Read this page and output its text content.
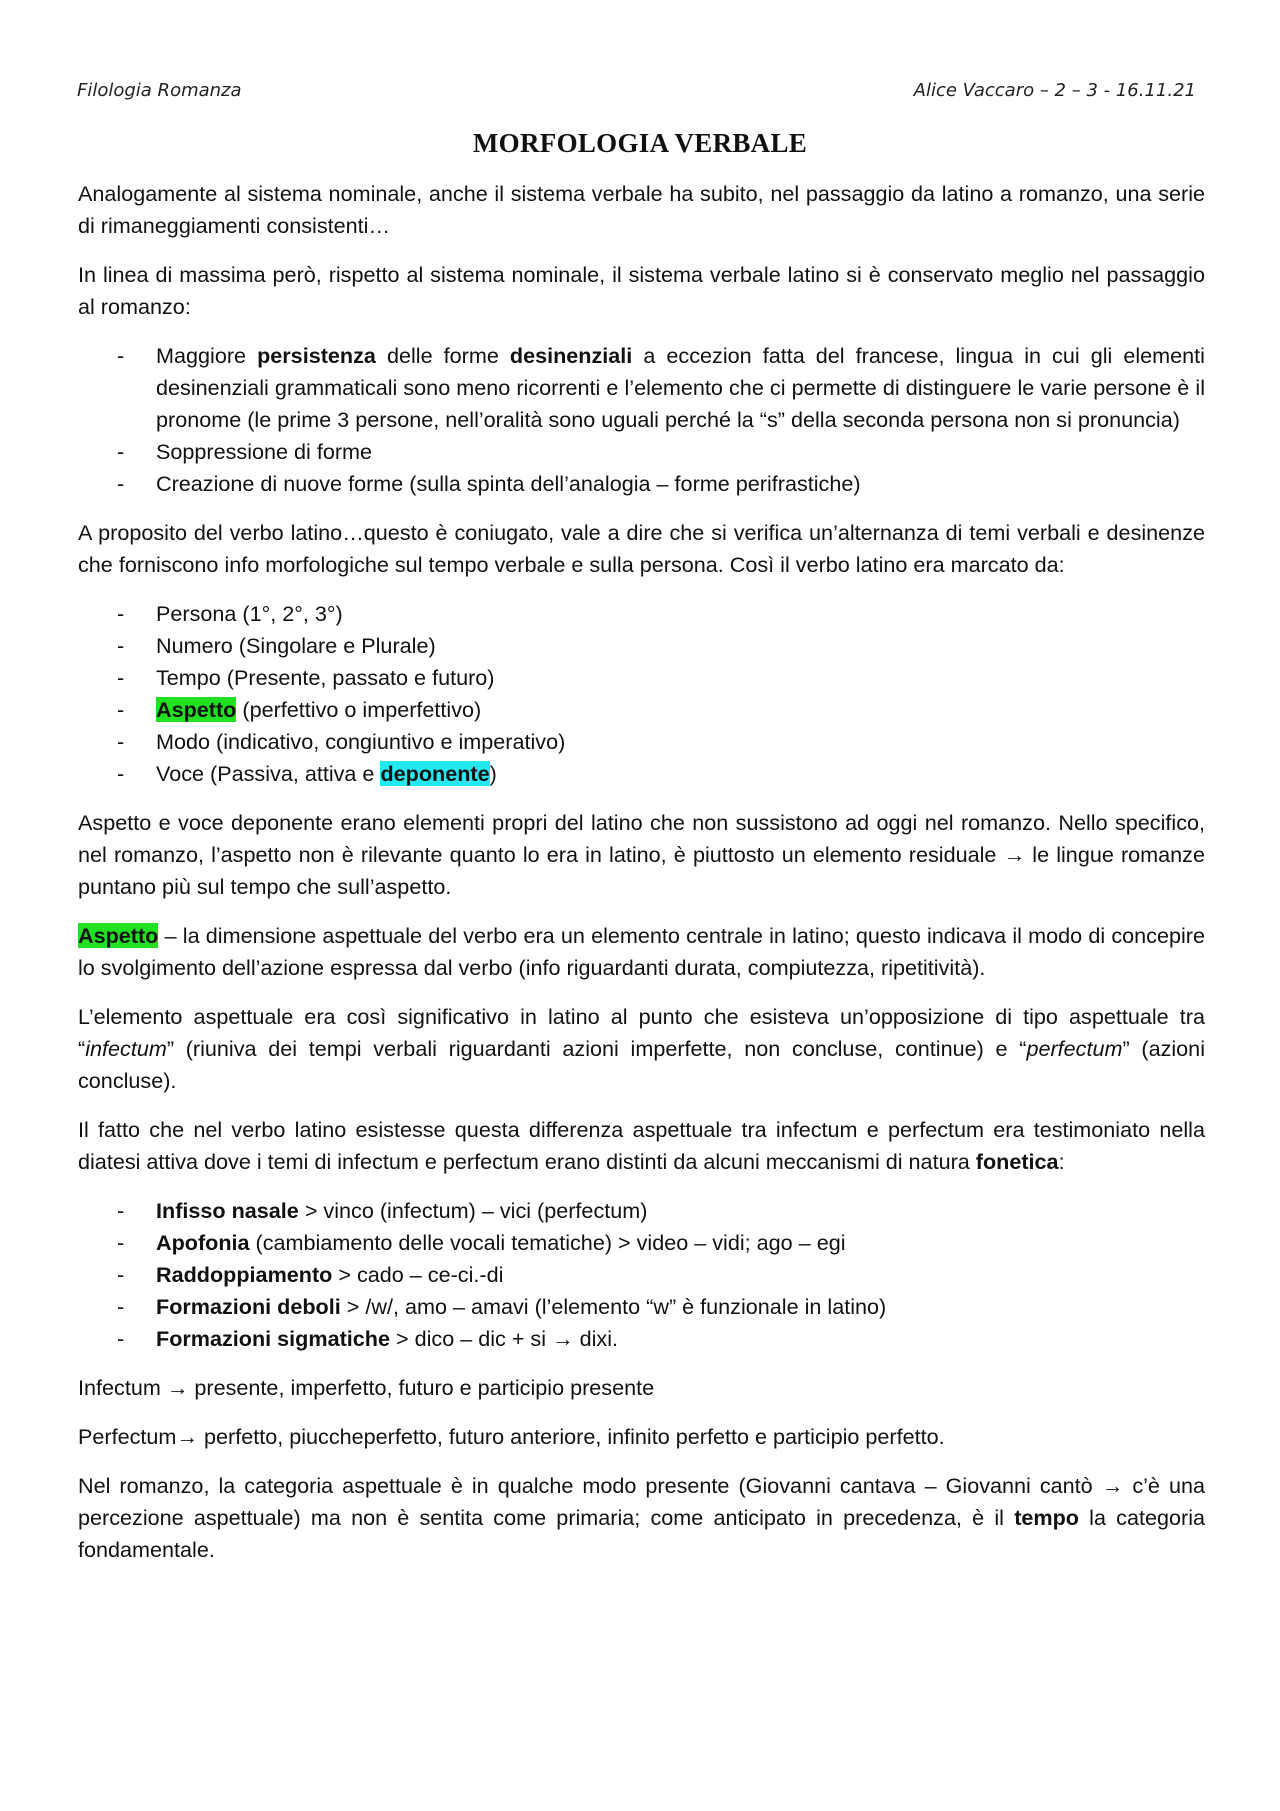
Filologia Romanza	Alice Vaccaro – 2 – 3 - 16.11.21
MORFOLOGIA VERBALE

Analogamente al sistema nominale, anche il sistema verbale ha subito, nel passaggio da latino a romanzo, una serie di rimaneggiamenti consistenti…

In linea di massima però, rispetto al sistema nominale, il sistema verbale latino si è conservato meglio nel passaggio al romanzo:

- Maggiore persistenza delle forme desinenziali a eccezion fatta del francese, lingua in cui gli elementi desinenziali grammaticali sono meno ricorrenti e l’elemento che ci permette di distinguere le varie persone è il pronome (le prime 3 persone, nell’oralità sono uguali perché la “s” della seconda persona non si pronuncia)
- Soppressione di forme
- Creazione di nuove forme (sulla spinta dell’analogia – forme perifrastiche)

A proposito del verbo latino…questo è coniugato, vale a dire che si verifica un’alternanza di temi verbali e desinenze che forniscono info morfologiche sul tempo verbale e sulla persona. Così il verbo latino era marcato da:

- Persona (1°, 2°, 3°)
- Numero (Singolare e Plurale)
- Tempo (Presente, passato e futuro)
- Aspetto (perfettivo o imperfettivo)
- Modo (indicativo, congiuntivo e imperativo)
- Voce (Passiva, attiva e deponente)

Aspetto e voce deponente erano elementi propri del latino che non sussistono ad oggi nel romanzo. Nello specifico, nel romanzo, l’aspetto non è rilevante quanto lo era in latino, è piuttosto un elemento residuale → le lingue romanze puntano più sul tempo che sull’aspetto.

Aspetto – la dimensione aspettuale del verbo era un elemento centrale in latino; questo indicava il modo di concepire lo svolgimento dell’azione espressa dal verbo (info riguardanti durata, compiutezza, ripetitività).

L’elemento aspettuale era così significativo in latino al punto che esisteva un’opposizione di tipo aspettuale tra “infectum” (riuniva dei tempi verbali riguardanti azioni imperfette, non concluse, continue) e “perfectum” (azioni concluse).

Il fatto che nel verbo latino esistesse questa differenza aspettuale tra infectum e perfectum era testimoniato nella diatesi attiva dove i temi di infectum e perfectum erano distinti da alcuni meccanismi di natura fonetica:

- Infisso nasale > vinco (infectum) – vici (perfectum)
- Apofonia (cambiamento delle vocali tematiche) > video – vidi; ago – egi
- Raddoppiamento > cado – ce-ci.-di
- Formazioni deboli > /w/, amo – amavi (l’elemento “w” è funzionale in latino)
- Formazioni sigmatiche > dico – dic + si → dixi.

Infectum → presente, imperfetto, futuro e participio presente

Perfectum→ perfetto, piuccheperfetto, futuro anteriore, infinito perfetto e participio perfetto.

Nel romanzo, la categoria aspettuale è in qualche modo presente (Giovanni cantava – Giovanni cantò → c’è una percezione aspettuale) ma non è sentita come primaria; come anticipato in precedenza, è il tempo la categoria fondamentale.
